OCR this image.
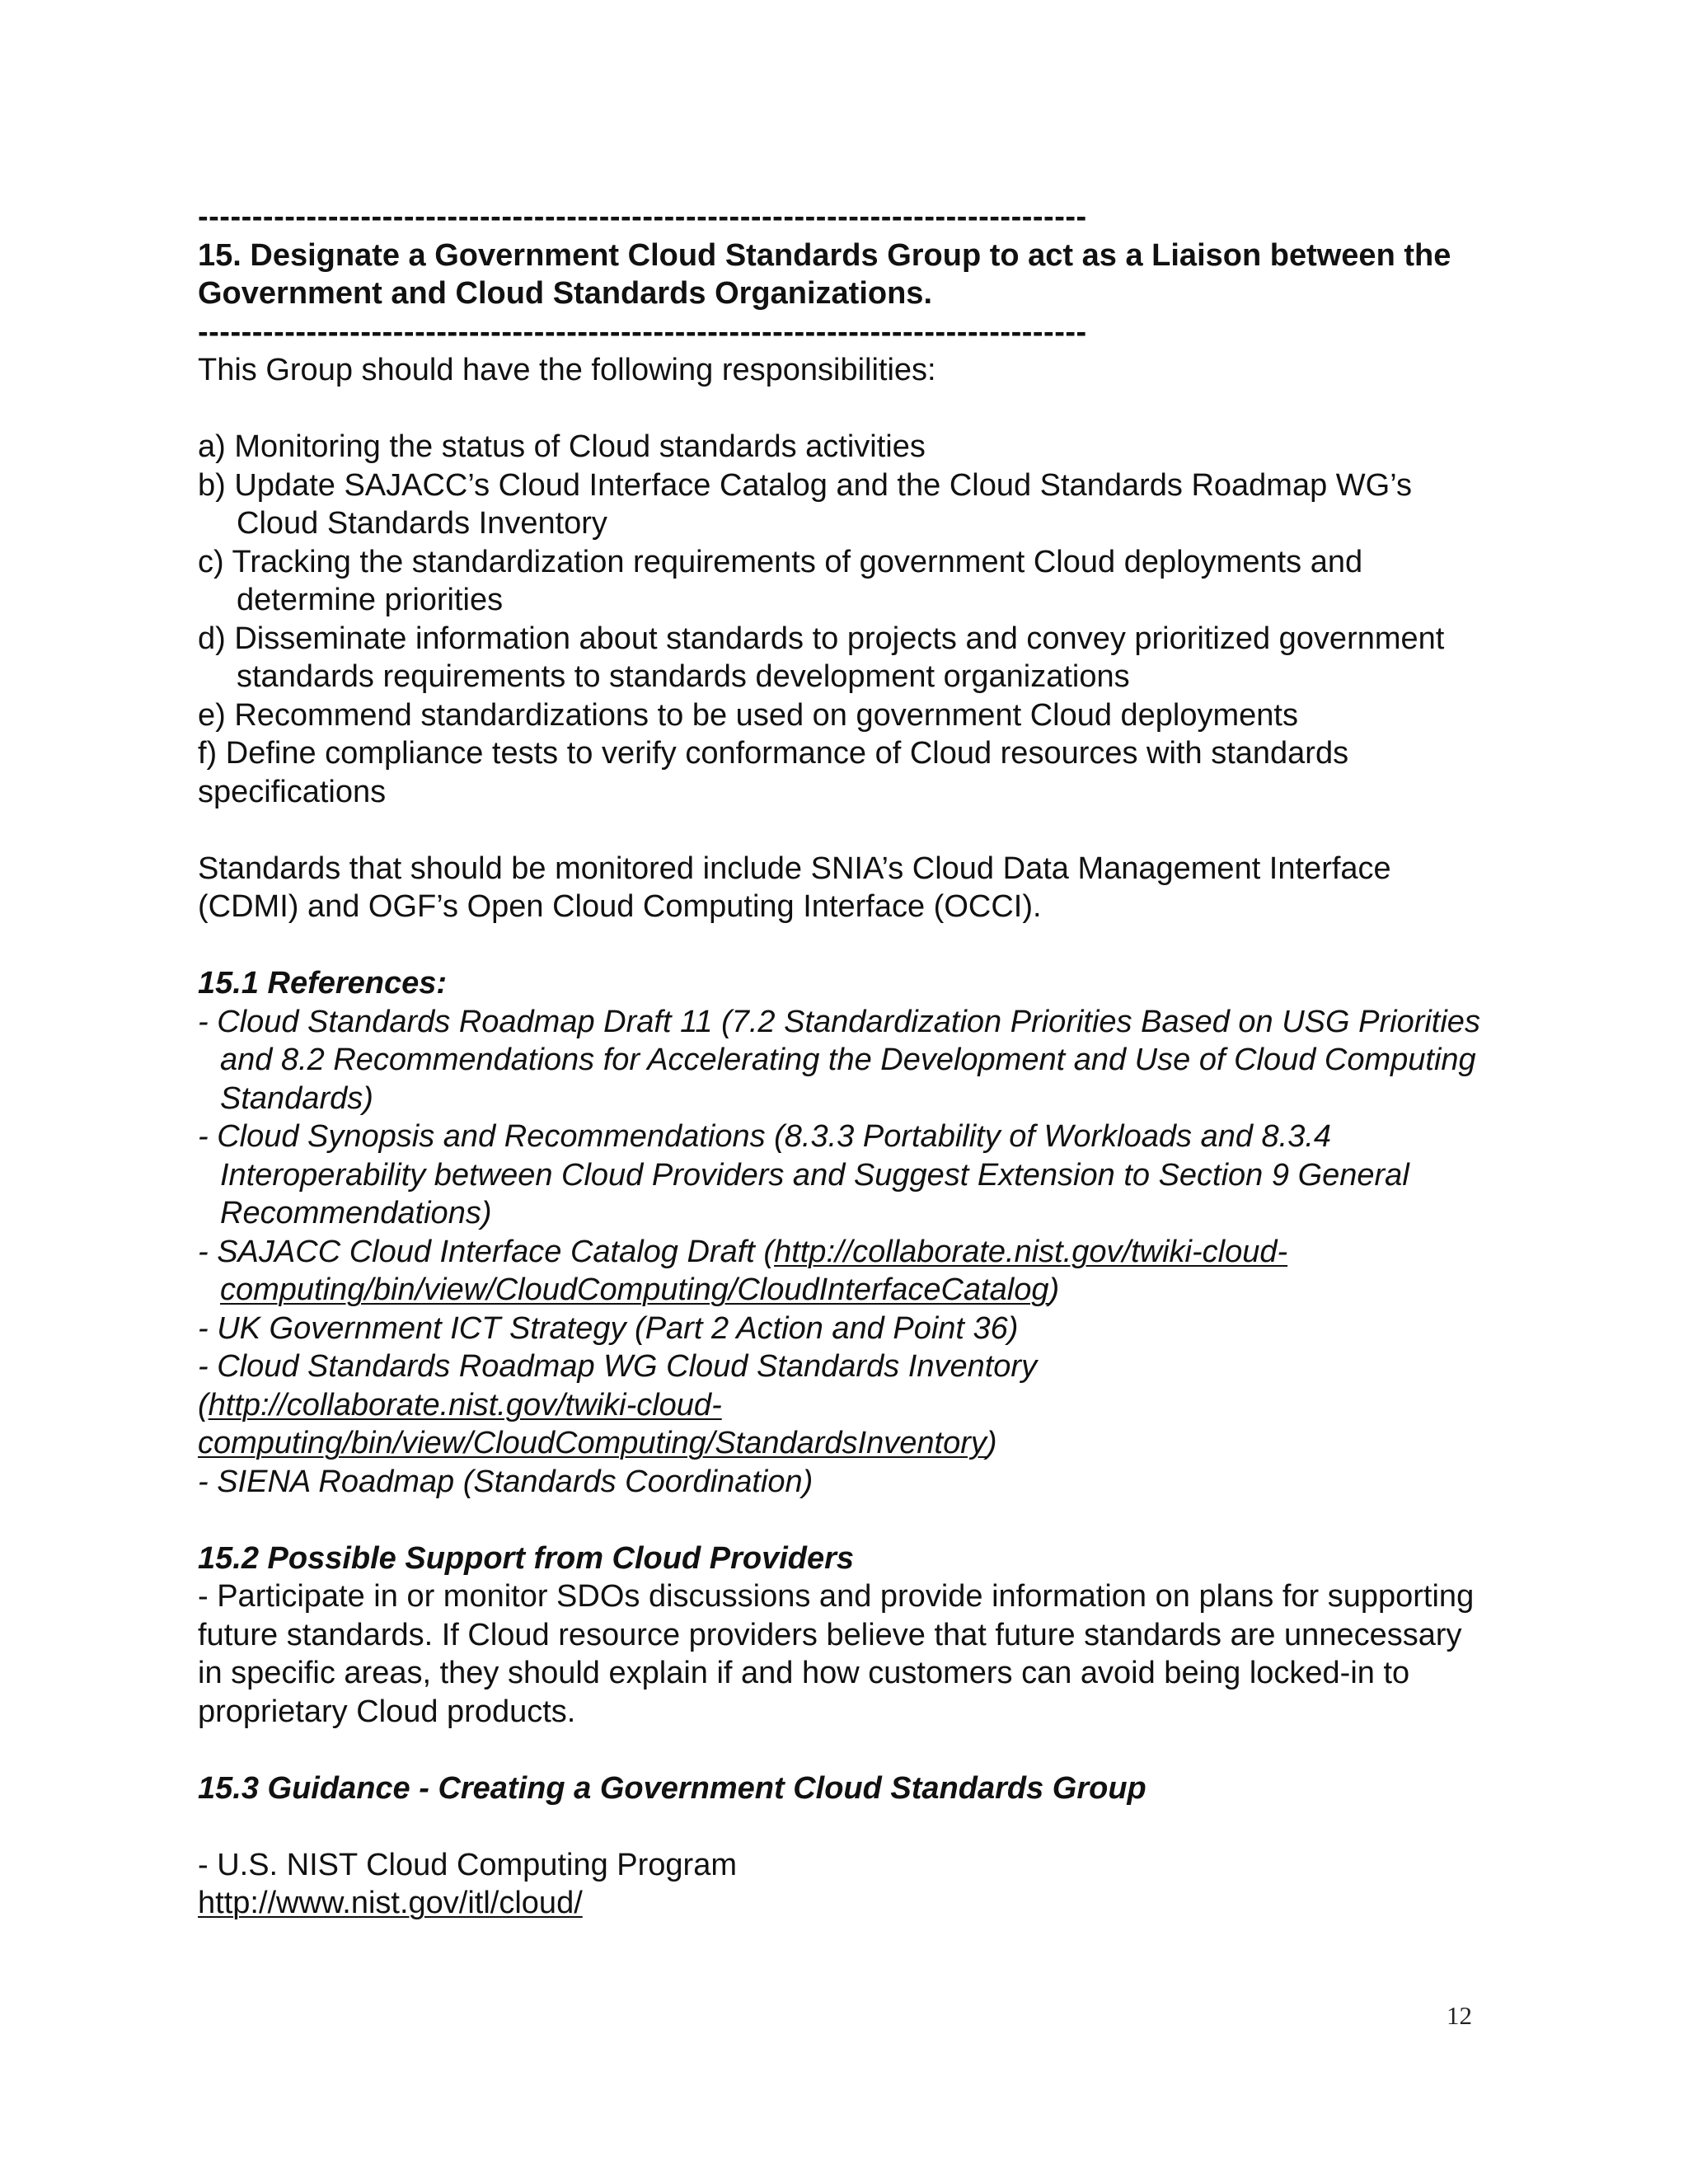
----------------------------------------------------------------------------------
15. Designate a Government Cloud Standards Group to act as a Liaison between the Government and Cloud Standards Organizations.
----------------------------------------------------------------------------------
This Group should have the following responsibilities:
a) Monitoring the status of Cloud standards activities
b) Update SAJACC’s Cloud Interface Catalog and the Cloud Standards Roadmap WG’s Cloud Standards Inventory
c) Tracking the standardization requirements of government Cloud deployments and determine priorities
d) Disseminate information about standards to projects and convey prioritized government standards requirements to standards development organizations
e) Recommend standardizations to be used on government Cloud deployments
f) Define compliance tests to verify conformance of Cloud resources with standards specifications
Standards that should be monitored include SNIA’s Cloud Data Management Interface (CDMI) and OGF’s Open Cloud Computing Interface (OCCI).
15.1 References:
- Cloud Standards Roadmap Draft 11 (7.2 Standardization Priorities Based on USG Priorities and 8.2 Recommendations for Accelerating the Development and Use of Cloud Computing Standards)
- Cloud Synopsis and Recommendations (8.3.3 Portability of Workloads and 8.3.4 Interoperability between Cloud Providers and Suggest Extension to Section 9 General Recommendations)
- SAJACC Cloud Interface Catalog Draft (http://collaborate.nist.gov/twiki-cloud-computing/bin/view/CloudComputing/CloudInterfaceCatalog)
- UK Government ICT Strategy (Part 2 Action and Point 36)
- Cloud Standards Roadmap WG Cloud Standards Inventory (http://collaborate.nist.gov/twiki-cloud-computing/bin/view/CloudComputing/StandardsInventory)
- SIENA Roadmap (Standards Coordination)
15.2 Possible Support from Cloud Providers
- Participate in or monitor SDOs discussions and provide information on plans for supporting future standards. If Cloud resource providers believe that future standards are unnecessary in specific areas, they should explain if and how customers can avoid being locked-in to proprietary Cloud products.
15.3 Guidance - Creating a Government Cloud Standards Group
- U.S. NIST Cloud Computing Program
http://www.nist.gov/itl/cloud/
12
